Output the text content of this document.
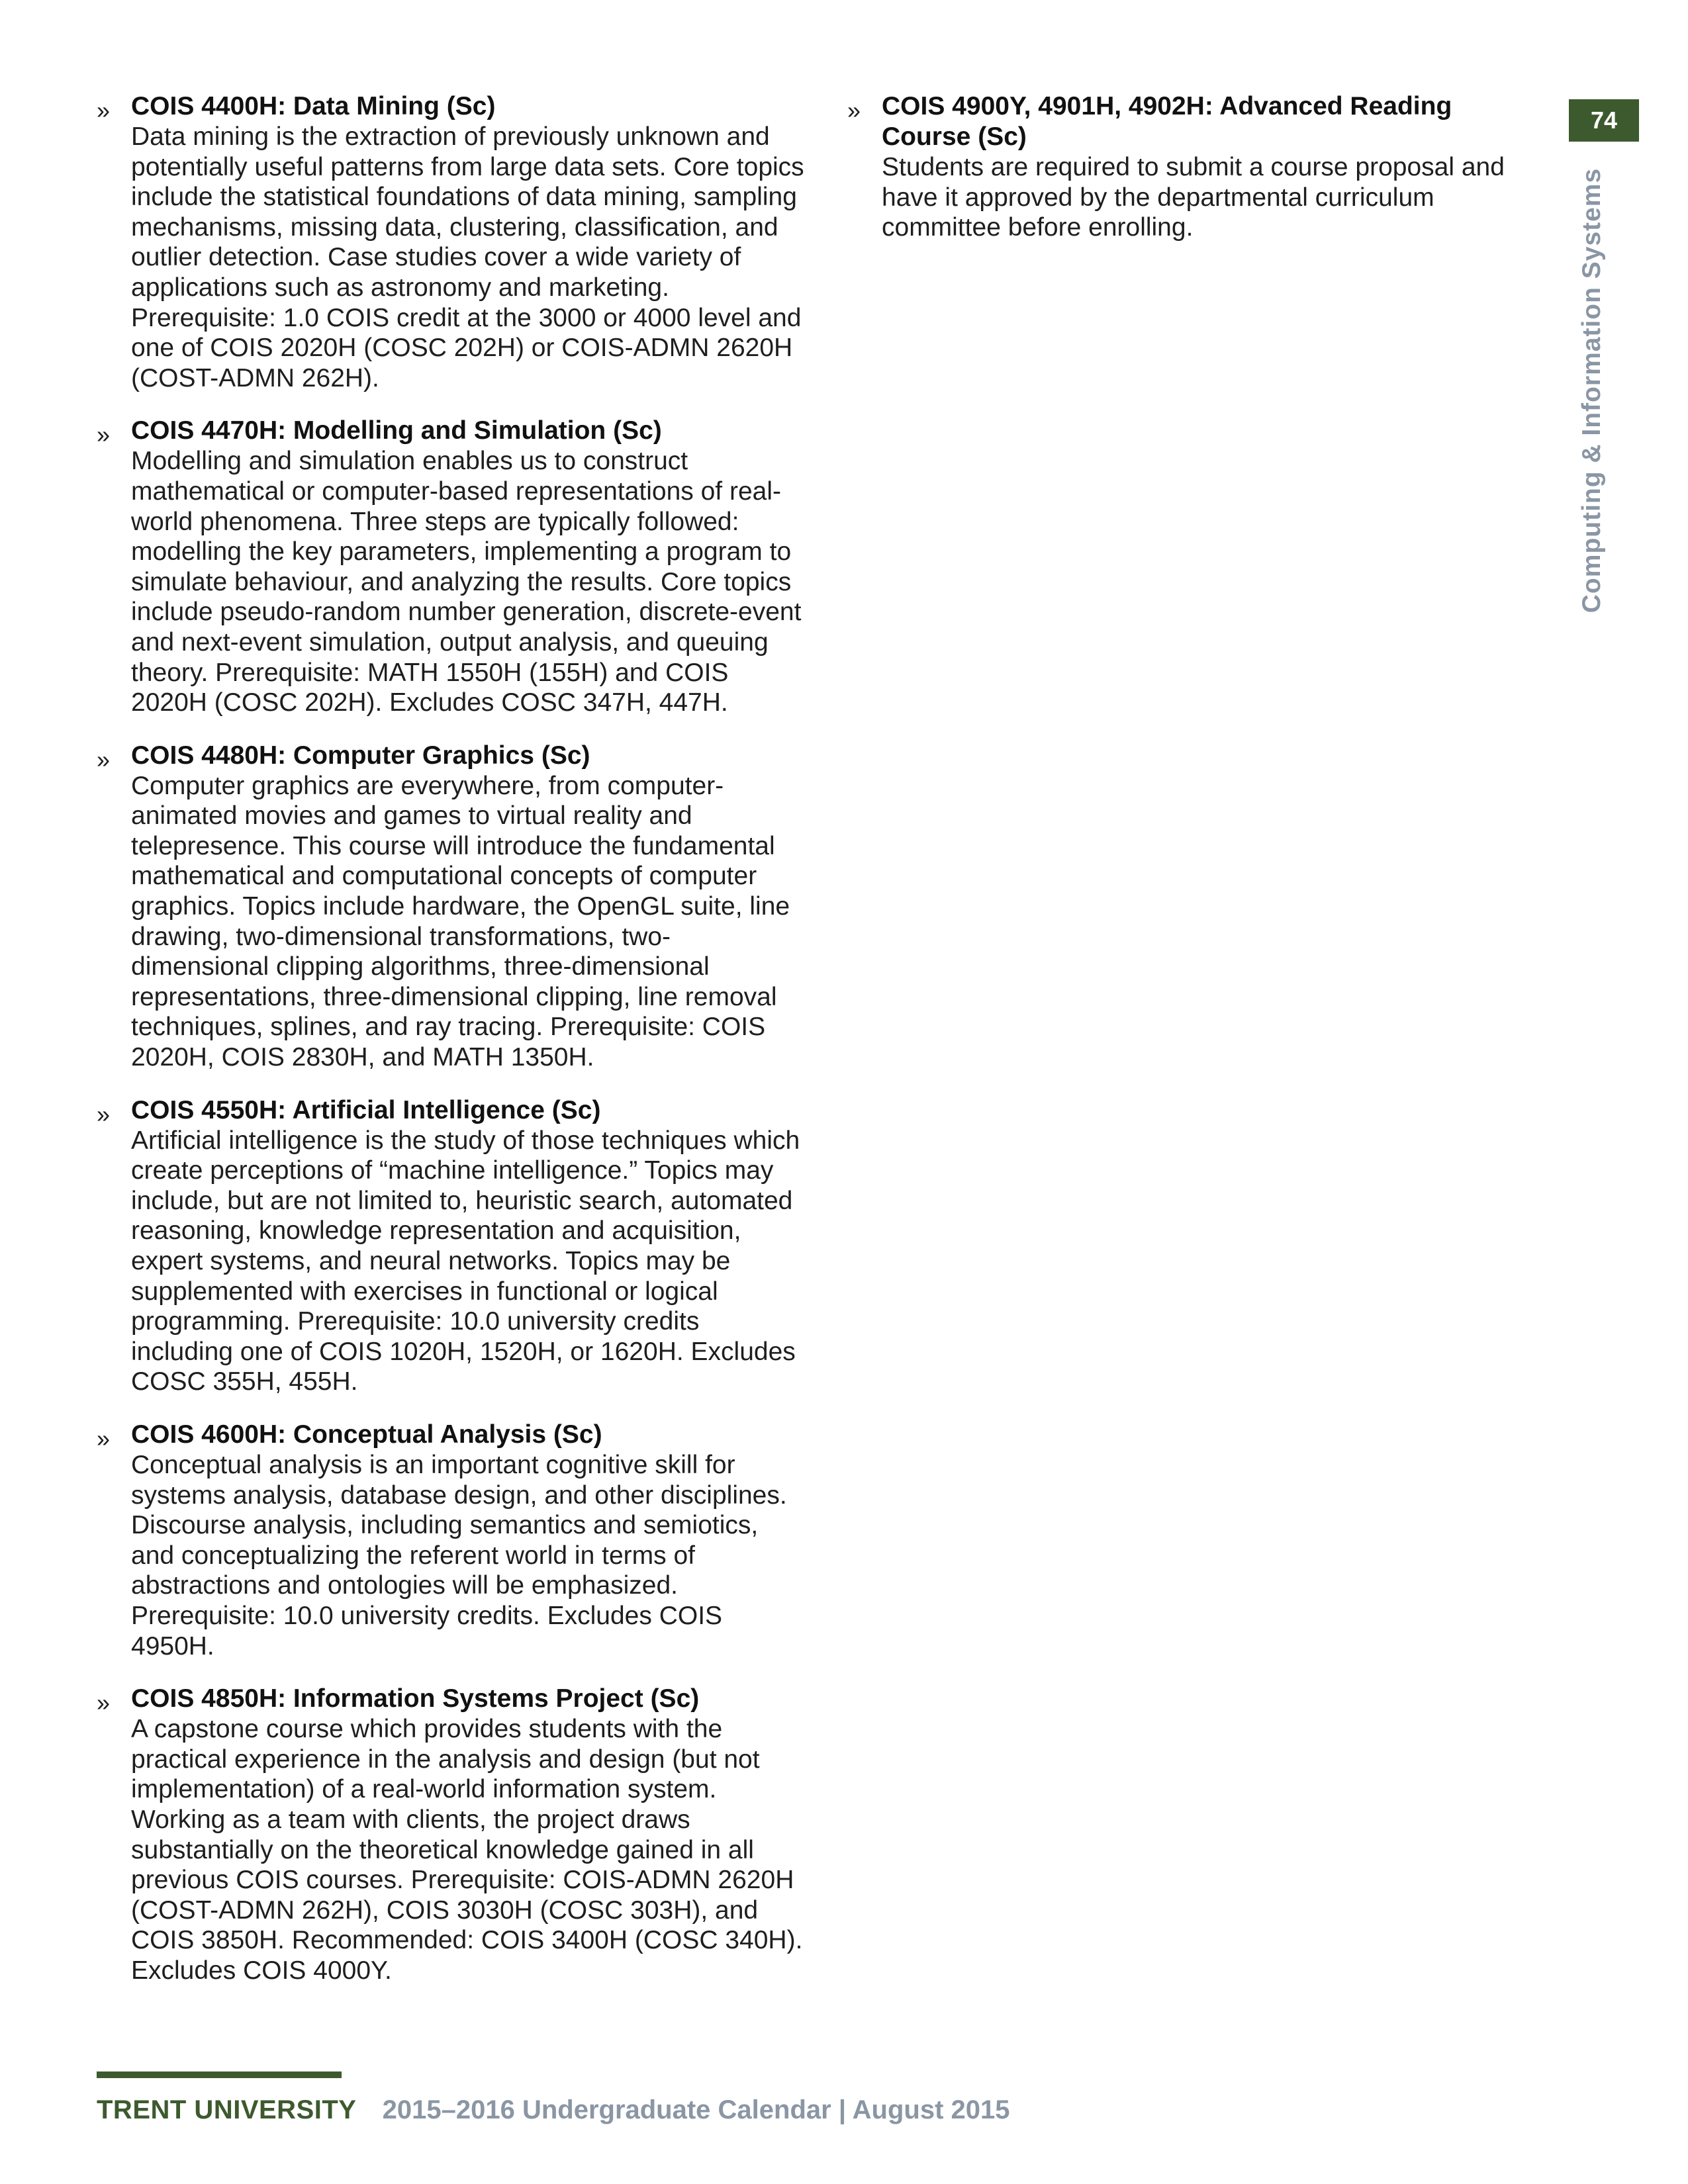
» COIS 4400H: Data Mining (Sc)
Data mining is the extraction of previously unknown and potentially useful patterns from large data sets. Core topics include the statistical foundations of data mining, sampling mechanisms, missing data, clustering, classification, and outlier detection. Case studies cover a wide variety of applications such as astronomy and marketing. Prerequisite: 1.0 COIS credit at the 3000 or 4000 level and one of COIS 2020H (COSC 202H) or COIS-ADMN 2620H (COST-ADMN 262H).
» COIS 4470H: Modelling and Simulation (Sc)
Modelling and simulation enables us to construct mathematical or computer-based representations of real-world phenomena. Three steps are typically followed: modelling the key parameters, implementing a program to simulate behaviour, and analyzing the results. Core topics include pseudo-random number generation, discrete-event and next-event simulation, output analysis, and queuing theory. Prerequisite: MATH 1550H (155H) and COIS 2020H (COSC 202H). Excludes COSC 347H, 447H.
» COIS 4480H: Computer Graphics (Sc)
Computer graphics are everywhere, from computer-animated movies and games to virtual reality and telepresence. This course will introduce the fundamental mathematical and computational concepts of computer graphics. Topics include hardware, the OpenGL suite, line drawing, two-dimensional transformations, two-dimensional clipping algorithms, three-dimensional representations, three-dimensional clipping, line removal techniques, splines, and ray tracing. Prerequisite: COIS 2020H, COIS 2830H, and MATH 1350H.
» COIS 4550H: Artificial Intelligence (Sc)
Artificial intelligence is the study of those techniques which create perceptions of “machine intelligence.” Topics may include, but are not limited to, heuristic search, automated reasoning, knowledge representation and acquisition, expert systems, and neural networks. Topics may be supplemented with exercises in functional or logical programming. Prerequisite: 10.0 university credits including one of COIS 1020H, 1520H, or 1620H. Excludes COSC 355H, 455H.
» COIS 4600H: Conceptual Analysis (Sc)
Conceptual analysis is an important cognitive skill for systems analysis, database design, and other disciplines. Discourse analysis, including semantics and semiotics, and conceptualizing the referent world in terms of abstractions and ontologies will be emphasized. Prerequisite: 10.0 university credits. Excludes COIS 4950H.
» COIS 4850H: Information Systems Project (Sc)
A capstone course which provides students with the practical experience in the analysis and design (but not implementation) of a real-world information system. Working as a team with clients, the project draws substantially on the theoretical knowledge gained in all previous COIS courses. Prerequisite: COIS-ADMN 2620H (COST-ADMN 262H), COIS 3030H (COSC 303H), and COIS 3850H. Recommended: COIS 3400H (COSC 340H). Excludes COIS 4000Y.
» COIS 4900Y, 4901H, 4902H: Advanced Reading Course (Sc)
Students are required to submit a course proposal and have it approved by the departmental curriculum committee before enrolling.
74
Computing & Information Systems
TRENT UNIVERSITY 2015–2016 Undergraduate Calendar | August 2015
